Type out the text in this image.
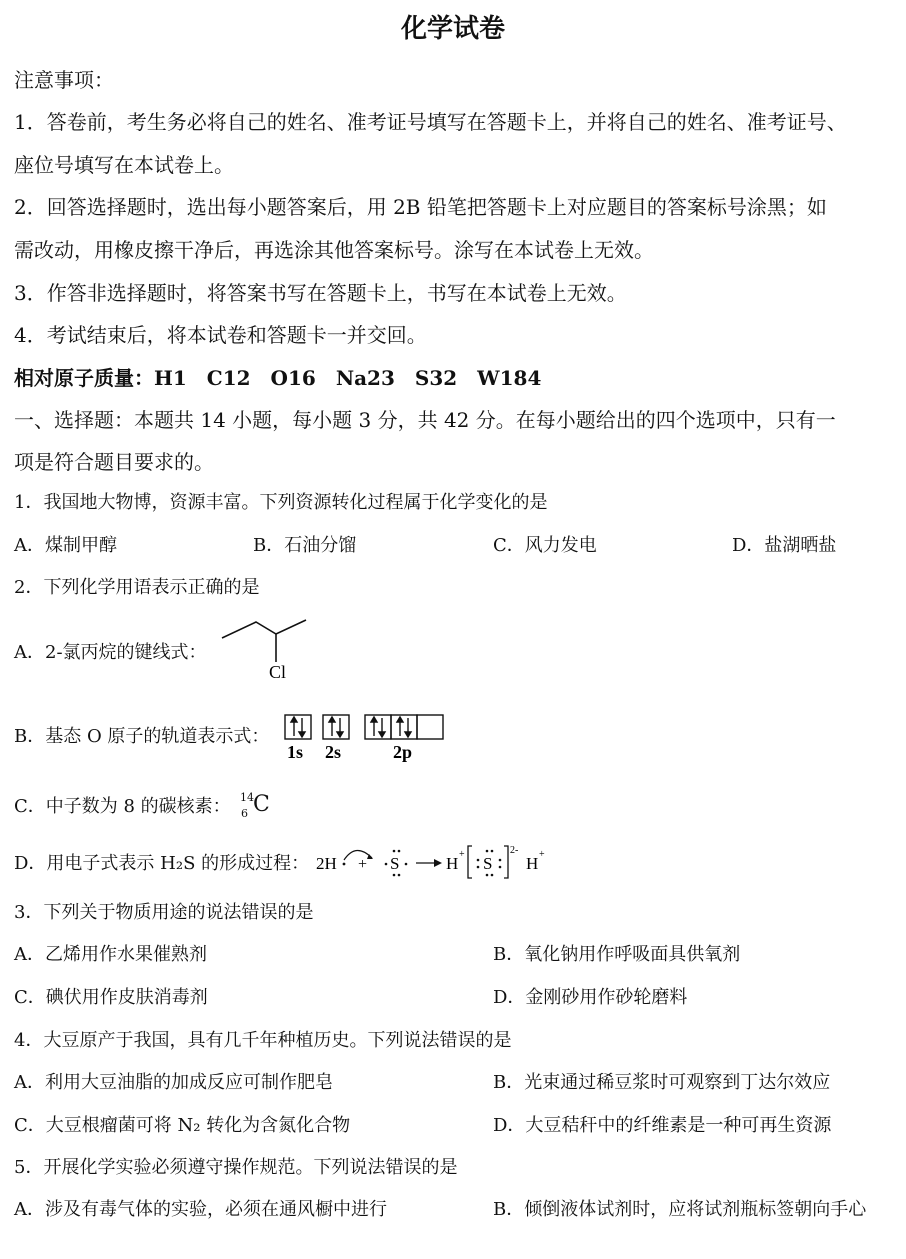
化学试卷
注意事项：
1．答卷前，考生务必将自己的姓名、准考证号填写在答题卡上，并将自己的姓名、准考证号、
座位号填写在本试卷上。
2．回答选择题时，选出每小题答案后，用 2B 铅笔把答题卡上对应题目的答案标号涂黑；如
需改动，用橡皮擦干净后，再选涂其他答案标号。涂写在本试卷上无效。
3．作答非选择题时，将答案书写在答题卡上，书写在本试卷上无效。
4．考试结束后，将本试卷和答题卡一并交回。
相对原子质量：H1　C12　O16　Na23　S32　W184
一、选择题：本题共 14 小题，每小题 3 分，共 42 分。在每小题给出的四个选项中，只有一
项是符合题目要求的。
1．我国地大物博，资源丰富。下列资源转化过程属于化学变化的是
A．煤制甲醇	B．石油分馏	C．风力发电	D．盐湖晒盐
2．下列化学用语表示正确的是
A．2-氯丙烷的键线式：
Cl
B．基态 O 原子的轨道表示式：
1s 2s	2p
C．中子数为 8 的碳核素： 14
6 C
D．用电子式表示 H₂S 的形成过程： 2H + S	H + S
2-
H +
3．下列关于物质用途的说法错误的是
A．乙烯用作水果催熟剂	B．氧化钠用作呼吸面具供氧剂
C．碘伏用作皮肤消毒剂	D．金刚砂用作砂轮磨料
4．大豆原产于我国，具有几千年种植历史。下列说法错误的是
A．利用大豆油脂的加成反应可制作肥皂	B．光束通过稀豆浆时可观察到丁达尔效应
C．大豆根瘤菌可将 N₂ 转化为含氮化合物	D．大豆秸秆中的纤维素是一种可再生资源
5．开展化学实验必须遵守操作规范。下列说法错误的是
A．涉及有毒气体的实验，必须在通风橱中进行	B．倾倒液体试剂时，应将试剂瓶标签朝向手心
